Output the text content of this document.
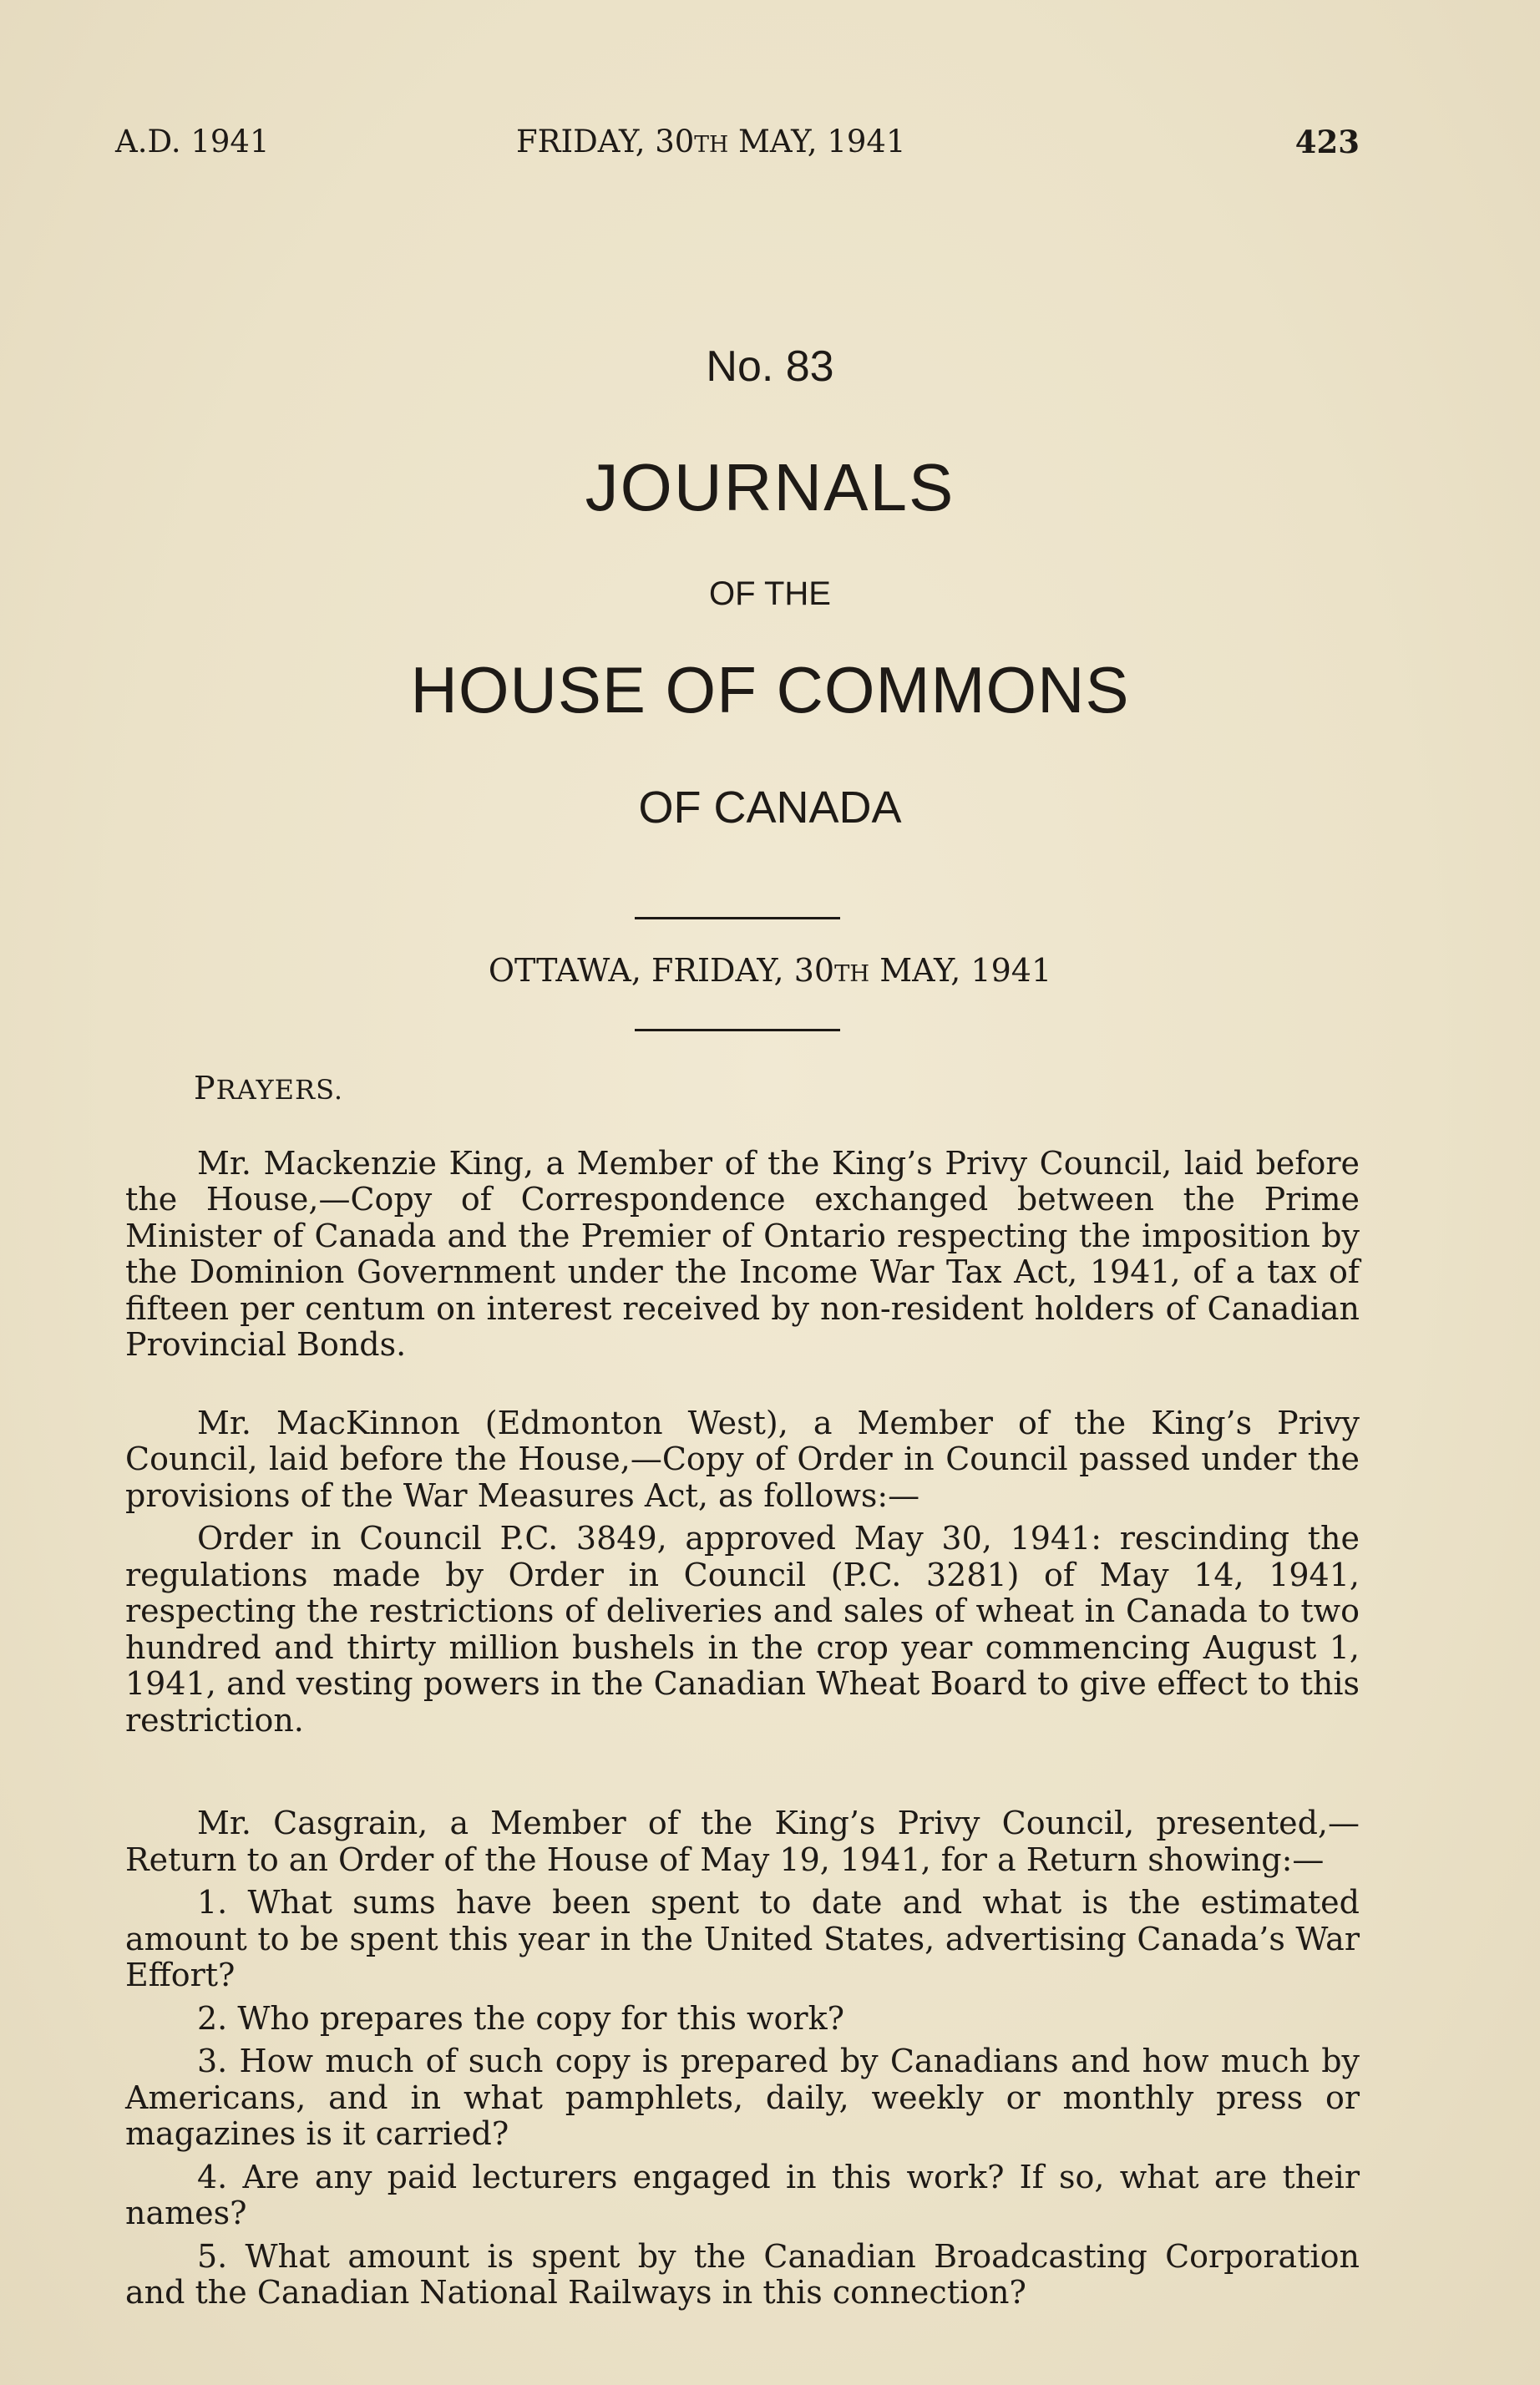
A.D. 1941	FRIDAY, 30TH MAY, 1941	423
No. 83
JOURNALS
OF THE
HOUSE OF COMMONS
OF CANADA
OTTAWA, FRIDAY, 30TH MAY, 1941

PRAYERS.

Mr. Mackenzie King, a Member of the King’s Privy Council, laid before the House,—Copy of Correspondence exchanged between the Prime Minister of Canada and the Premier of Ontario respecting the imposition by the Dominion Government under the Income War Tax Act, 1941, of a tax of fifteen per centum on interest received by non-resident holders of Canadian Provincial Bonds.

Mr. MacKinnon (Edmonton West), a Member of the King’s Privy Council, laid before the House,—Copy of Order in Council passed under the provisions of the War Measures Act, as follows:—

Order in Council P.C. 3849, approved May 30, 1941: rescinding the regulations made by Order in Council (P.C. 3281) of May 14, 1941, respecting the restrictions of deliveries and sales of wheat in Canada to two hundred and thirty million bushels in the crop year commencing August 1, 1941, and vesting powers in the Canadian Wheat Board to give effect to this restriction.

Mr. Casgrain, a Member of the King’s Privy Council, presented,—Return to an Order of the House of May 19, 1941, for a Return showing:—

1. What sums have been spent to date and what is the estimated amount to be spent this year in the United States, advertising Canada’s War Effort?

2. Who prepares the copy for this work?

3. How much of such copy is prepared by Canadians and how much by Americans, and in what pamphlets, daily, weekly or monthly press or magazines is it carried?

4. Are any paid lecturers engaged in this work? If so, what are their names?

5. What amount is spent by the Canadian Broadcasting Corporation and the Canadian National Railways in this connection?
